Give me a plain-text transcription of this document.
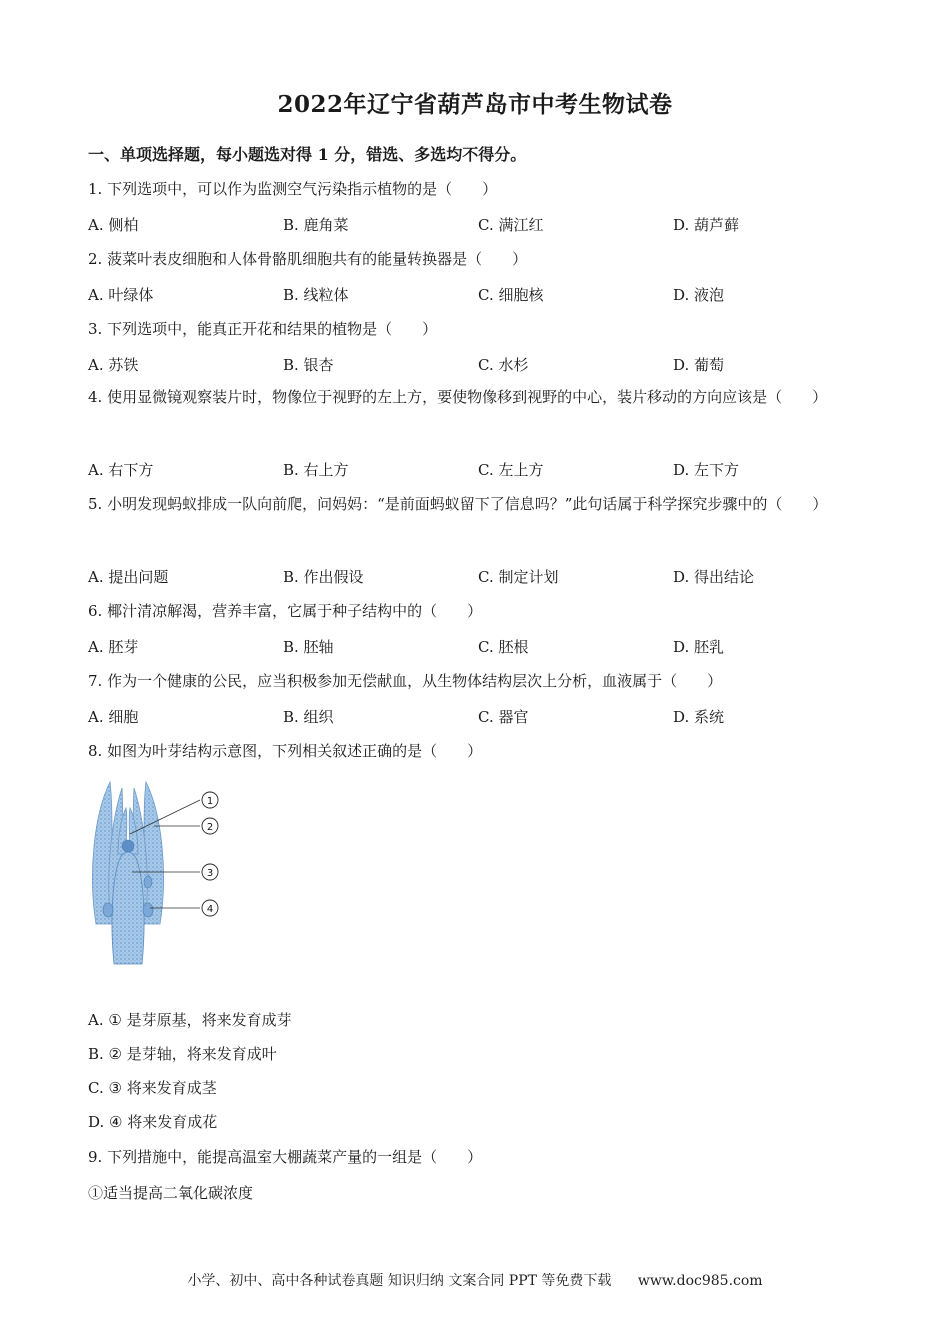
2022年辽宁省葫芦岛市中考生物试卷
一、单项选择题，每小题选对得 1 分，错选、多选均不得分。
1. 下列选项中，可以作为监测空气污染指示植物的是（　　）
A. 侧柏	B. 鹿角菜	C. 满江红	D. 葫芦藓
2. 菠菜叶表皮细胞和人体骨骼肌细胞共有的能量转换器是（　　）
A. 叶绿体	B. 线粒体	C. 细胞核	D. 液泡
3. 下列选项中，能真正开花和结果的植物是（　　）
A. 苏铁	B. 银杏	C. 水杉	D. 葡萄
4. 使用显微镜观察装片时，物像位于视野的左上方，要使物像移到视野的中心，装片移动的方向应该是（　　）
A. 右下方	B. 右上方	C. 左上方	D. 左下方
5. 小明发现蚂蚁排成一队向前爬，问妈妈：“是前面蚂蚁留下了信息吗？”此句话属于科学探究步骤中的（　　）
A. 提出问题	B. 作出假设	C. 制定计划	D. 得出结论
6. 椰汁清凉解渴，营养丰富，它属于种子结构中的（　　）
A. 胚芽	B. 胚轴	C. 胚根	D. 胚乳
7. 作为一个健康的公民，应当积极参加无偿献血，从生物体结构层次上分析，血液属于（　　）
A. 细胞	B. 组织	C. 器官	D. 系统
8. 如图为叶芽结构示意图，下列相关叙述正确的是（　　）
1
2
3
4
A. ① 是芽原基，将来发育成芽
B. ② 是芽轴，将来发育成叶
C. ③ 将来发育成茎
D. ④ 将来发育成花
9. 下列措施中，能提高温室大棚蔬菜产量的一组是（　　）
①适当提高二氧化碳浓度
小学、初中、高中各种试卷真题 知识归纳 文案合同 PPT 等免费下载 www.doc985.com
